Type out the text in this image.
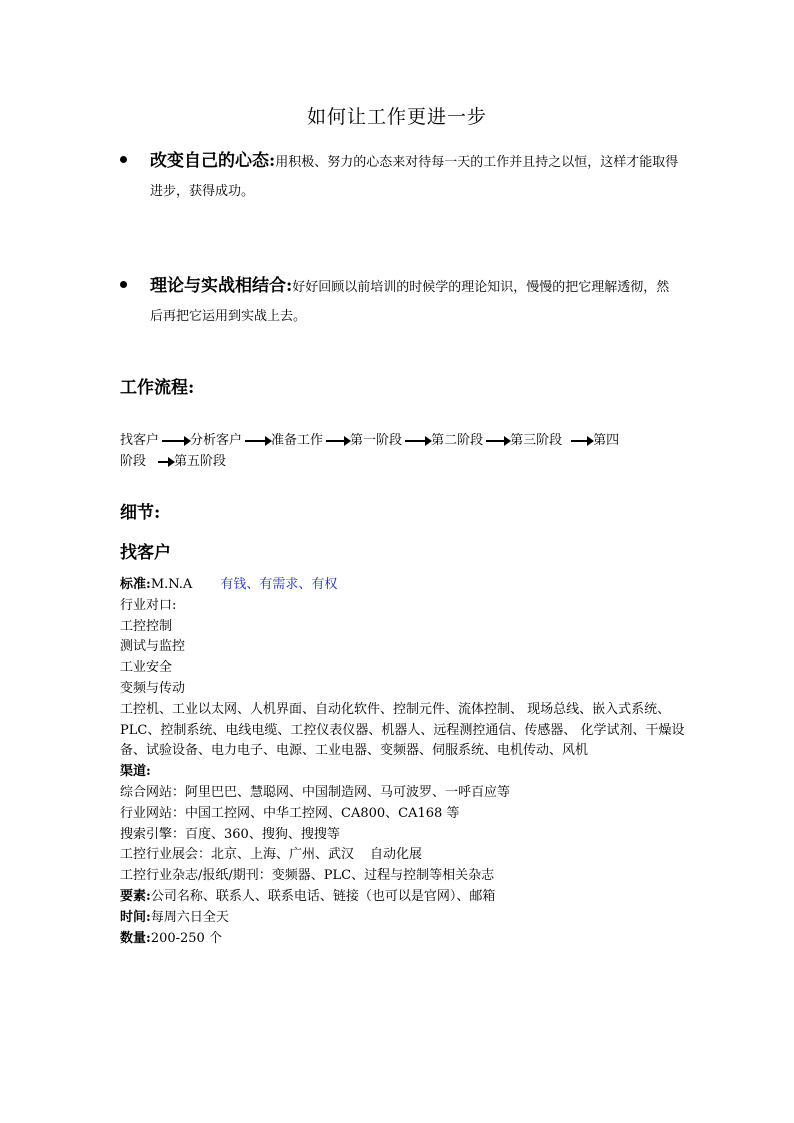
如何让工作更进一步
改变自己的心态:用积极、努力的心态来对待每一天的工作并且持之以恒，这样才能取得进步，获得成功。
理论与实战相结合:好好回顾以前培训的时候学的理论知识，慢慢的把它理解透彻，然后再把它运用到实战上去。
工作流程:
找客户 分析客户 准备工作 第一阶段 第二阶段 第三阶段 第四
阶段 第五阶段
细节:
找客户

标准:M.N.A 有钱、有需求、有权

行业对口:

工控控制

测试与监控

工业安全

变频与传动

工控机、工业以太网、人机界面、自动化软件、控制元件、流体控制、 现场总线、嵌入式系统、 PLC、控制系统、电线电缆、工控仪表仪器、机器人、远程测控通信、传感器、 化学试剂、干燥设备、试验设备、电力电子、电源、工业电器、变频器、伺服系统、电机传动、风机

渠道:

综合网站：阿里巴巴、慧聪网、中国制造网、马可波罗、一呼百应等

行业网站：中国工控网、中华工控网、CA800、CA168 等

搜索引擎：百度、360、搜狗、搜搜等

工控行业展会：北京、上海、广州、武汉 自动化展

工控行业杂志/报纸/期刊：变频器、PLC、过程与控制等相关杂志

要素:公司名称、联系人、联系电话、链接（也可以是官网）、邮箱

时间:每周六日全天

数量:200-250 个
